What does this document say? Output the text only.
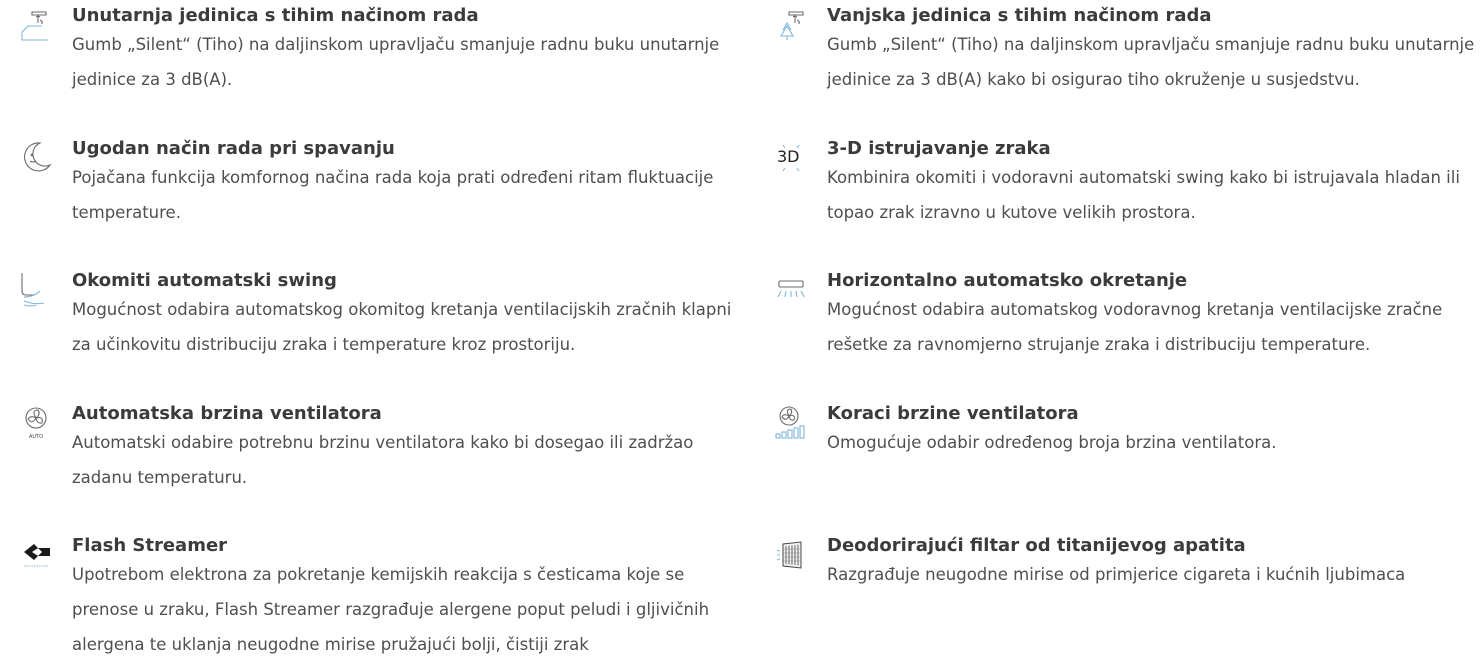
Unutarnja jedinica s tihim načinom rada

Gumb „Silent“ (Tiho) na daljinskom upravljaču smanjuje radnu buku unutarnje
jedinice za 3 dB(A).

Vanjska jedinica s tihim načinom rada

Gumb „Silent“ (Tiho) na daljinskom upravljaču smanjuje radnu buku unutarnje
jedinice za 3 dB(A) kako bi osigurao tiho okruženje u susjedstvu.

Ugodan način rada pri spavanju

Pojačana funkcija komfornog načina rada koja prati određeni ritam fluktuacije
temperature.

3D 3-D istrujavanje zraka

Kombinira okomiti i vodoravni automatski swing kako bi istrujavala hladan ili
topao zrak izravno u kutove velikih prostora.

Okomiti automatski swing

Mogućnost odabira automatskog okomitog kretanja ventilacijskih zračnih klapni
za učinkovitu distribuciju zraka i temperature kroz prostoriju.

Horizontalno automatsko okretanje

Mogućnost odabira automatskog vodoravnog kretanja ventilacijske zračne
rešetke za ravnomjerno strujanje zraka i distribuciju temperature.

AUTO

Automatska brzina ventilatora

Automatski odabire potrebnu brzinu ventilatora kako bi dosegao ili zadržao
zadanu temperaturu.

Koraci brzine ventilatora

Omogućuje odabir određenog broja brzina ventilatora.

Flash Streamer

Upotrebom elektrona za pokretanje kemijskih reakcija s česticama koje se
prenose u zraku, Flash Streamer razgrađuje alergene poput peludi i gljivičnih
alergena te uklanja neugodne mirise pružajući bolji, čistiji zrak

Deodorirajući filtar od titanijevog apatita

Razgrađuje neugodne mirise od primjerice cigareta i kućnih ljubimaca
